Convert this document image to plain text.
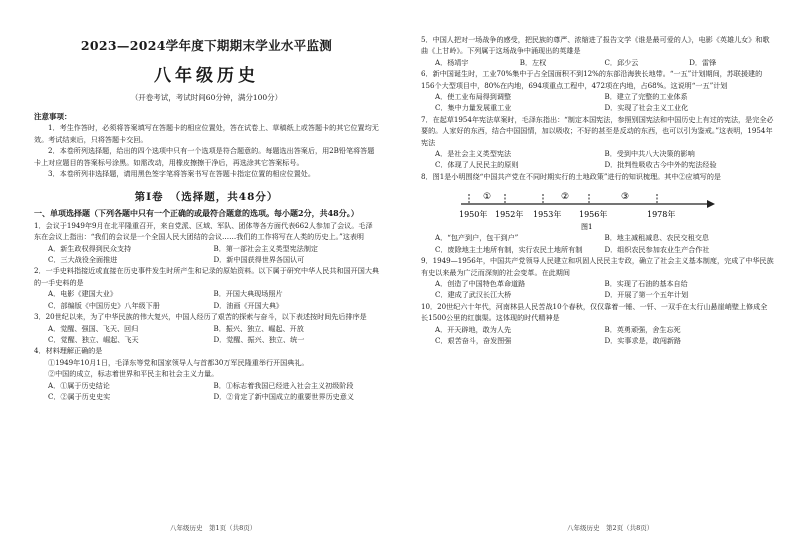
2023—2024学年度下期期末学业水平监测
八年级历史
（开卷考试，考试时间60分钟，满分100分）
注意事项：

1．考生作答时，必须将答案填写在答题卡的相应位置处，答在试卷上、草稿纸上或答题卡的其它位置均无效。考试结束后，只将答题卡交回。

2．本卷所列选择题，给出的四个选项中只有一个选项是符合题意的。每题选出答案后，用2B铅笔将答题卡上对应题目的答案标号涂黑。如需改动，用橡皮擦擦干净后，再选涂其它答案标号。

3．本卷所列非选择题，请用黑色签字笔将答案书写在答题卡指定位置的相应位置处。

第Ⅰ卷　（选择题，共48分）
一、单项选择题（下列各题中只有一个正确的或最符合题意的选项。每小题2分，共48分。）

1．会议于1949年9月在北平隆重召开，来自党派、区域、军队、团体等各方面代表662人参加了会议。毛泽东在会议上指出：“我们的会议是一个全国人民大团结的会议……我们的工作将写在人类的历史上。”这表明

A．新生政权得到民众支持	B．第一部社会主义类型宪法制定
C．三大战役全面推进	D．新中国获得世界各国认可

2．一手史料指接近或直接在历史事件发生时所产生和记录的原始资料。以下属于研究中华人民共和国开国大典的一手史料的是

A．电影《建国大业》	B．开国大典现场照片
C．部编版《中国历史》八年级下册	D．油画《开国大典》

3．20世纪以来，为了中华民族的伟大复兴，中国人经历了艰苦的探索与奋斗，以下表述按时间先后排序是

A．觉醒、强国、飞天、回归	B．振兴、独立、崛起、开放
C．觉醒、独立、崛起、飞天	D．觉醒、振兴、独立、统一

4．材料理解正确的是

①1949年10月1日，毛泽东等党和国家领导人与首都30万军民隆重举行开国典礼。
②中国的成立，标志着世界和平民主和社会主义力量。
A．①属于历史结论	B．①标志着我国已经进入社会主义初级阶段
C．②属于历史史实	D．②肯定了新中国成立的重要世界历史意义
八年级历史　第1页（共8页）

5．中国人把对一场战争的感受，把民族的尊严、浓缩进了报告文学《谁是最可爱的人》，电影《英雄儿女》和歌曲《上甘岭》。下列属于这场战争中涌现出的英雄是

A．杨靖宇	B．左权	C．邱少云	D．雷锋

6．新中国诞生时，工业70%集中于占全国面积不到12%的东部沿海狭长地带。“一五”计划期间，苏联援建的156个大型项目中，80%在内地，694项重点工程中，472项在内地，占68%。这说明“一五”计划

A．使工业布局得到调整	B．建立了完整的工业体系
C．集中力量发展重工业	D．实现了社会主义工业化

7．在起草1954年宪法草案时，毛泽东指出：“制定本国宪法，参照别国宪法和中国历史上有过的宪法，是完全必要的。人家好的东西，结合中国国情，加以吸收；不好的甚至是反动的东西，也可以引为鉴戒。”这表明，1954年宪法

A．是社会主义类型宪法	B．受到中共八大决策的影响
C．体现了人民民主的原则	D．批判性吸收古今中外的宪法经验

8．图1是小明围绕“中国共产党在不同时期实行的土地政策”进行的知识梳理。其中②应填写的是

1950年 1952年 1953年 1956年	1978年
①	②	③
图1
A．“包产到户，包干到户”	B．地主减租减息、农民交租交息
C．废除地主土地所有制，实行农民土地所有制	D．组织农民参加农业生产合作社

9．1949—1956年，中国共产党领导人民建立和巩固人民民主专政，确立了社会主义基本制度，完成了中华民族有史以来最为广泛而深刻的社会变革。在此期间

A．创造了中国特色革命道路	B．实现了石油的基本自给
C．建成了武汉长江大桥	D．开展了第一个五年计划

10．20世纪六十年代，河南林县人民苦战10个春秋，仅仅靠着一锤、一钎、一双手在太行山悬崖峭壁上修成全长1500公里的红旗渠。这体现的时代精神是

A．开天辟地，敢为人先	B．英勇顽强，舍生忘死
C．艰苦奋斗，奋发图强	D．实事求是，敢闯新路
八年级历史　第2页（共8页）
